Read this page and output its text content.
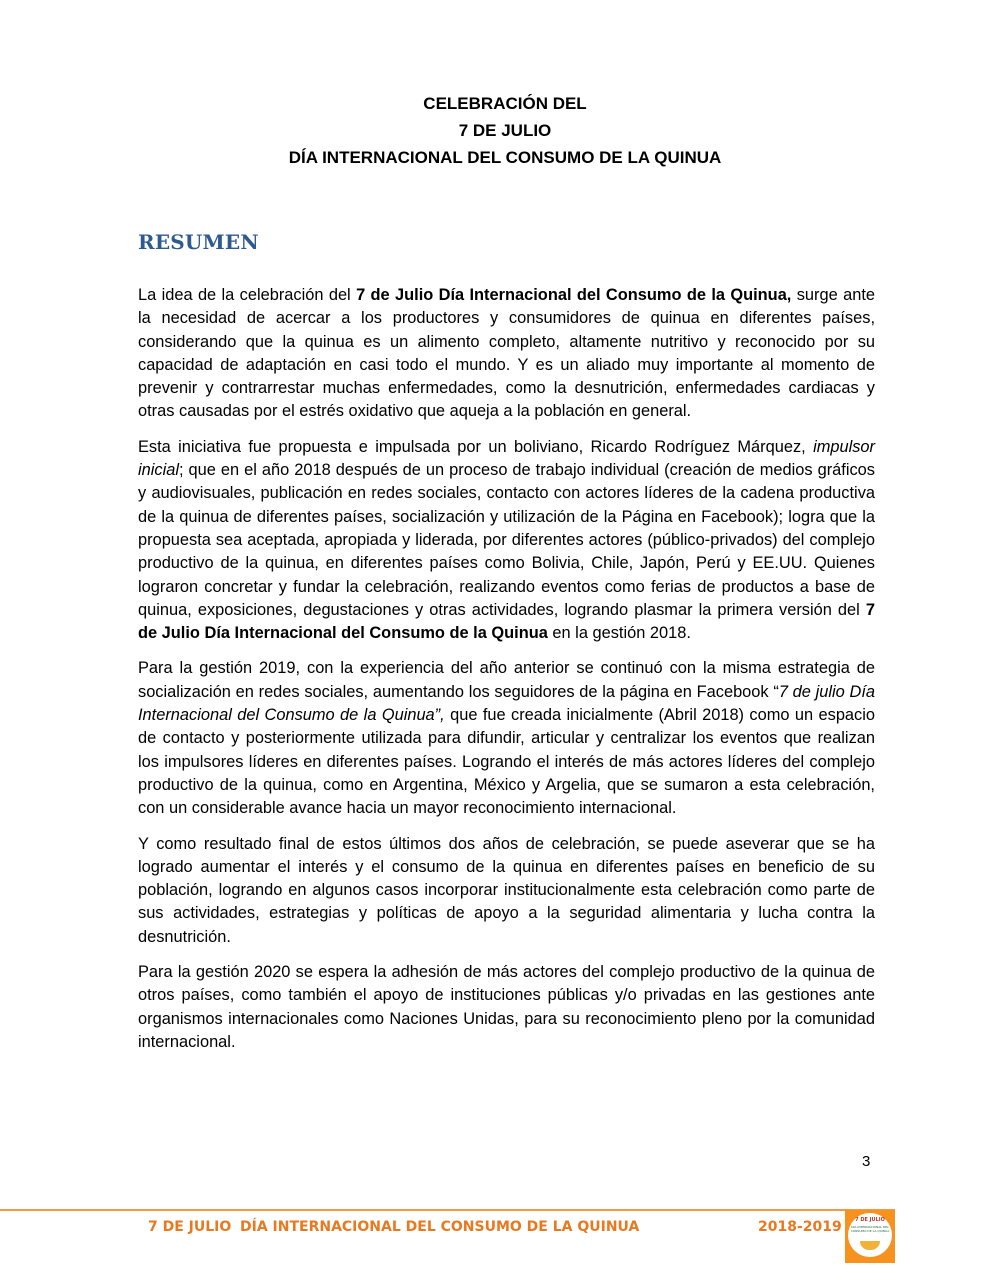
CELEBRACIÓN DEL
7 DE JULIO
DÍA INTERNACIONAL DEL CONSUMO DE LA QUINUA
RESUMEN

La idea de la celebración del 7 de Julio Día Internacional del Consumo de la Quinua, surge ante la necesidad de acercar a los productores y consumidores de quinua en diferentes países, considerando que la quinua es un alimento completo, altamente nutritivo y reconocido por su capacidad de adaptación en casi todo el mundo. Y es un aliado muy importante al momento de prevenir y contrarrestar muchas enfermedades, como la desnutrición, enfermedades cardiacas y otras causadas por el estrés oxidativo que aqueja a la población en general.

Esta iniciativa fue propuesta e impulsada por un boliviano, Ricardo Rodríguez Márquez, impulsor inicial; que en el año 2018 después de un proceso de trabajo individual (creación de medios gráficos y audiovisuales, publicación en redes sociales, contacto con actores líderes de la cadena productiva de la quinua de diferentes países, socialización y utilización de la Página en Facebook); logra que la propuesta sea aceptada, apropiada y liderada, por diferentes actores (público-privados) del complejo productivo de la quinua, en diferentes países como Bolivia, Chile, Japón, Perú y EE.UU. Quienes lograron concretar y fundar la celebración, realizando eventos como ferias de productos a base de quinua, exposiciones, degustaciones y otras actividades, logrando plasmar la primera versión del 7 de Julio Día Internacional del Consumo de la Quinua en la gestión 2018.

Para la gestión 2019, con la experiencia del año anterior se continuó con la misma estrategia de socialización en redes sociales, aumentando los seguidores de la página en Facebook “7 de julio Día Internacional del Consumo de la Quinua”, que fue creada inicialmente (Abril 2018) como un espacio de contacto y posteriormente utilizada para difundir, articular y centralizar los eventos que realizan los impulsores líderes en diferentes países. Logrando el interés de más actores líderes del complejo productivo de la quinua, como en Argentina, México y Argelia, que se sumaron a esta celebración, con un considerable avance hacia un mayor reconocimiento internacional.

Y como resultado final de estos últimos dos años de celebración, se puede aseverar que se ha logrado aumentar el interés y el consumo de la quinua en diferentes países en beneficio de su población, logrando en algunos casos incorporar institucionalmente esta celebración como parte de sus actividades, estrategias y políticas de apoyo a la seguridad alimentaria y lucha contra la desnutrición.

Para la gestión 2020 se espera la adhesión de más actores del complejo productivo de la quinua de otros países, como también el apoyo de instituciones públicas y/o privadas en las gestiones ante organismos internacionales como Naciones Unidas, para su reconocimiento pleno por la comunidad internacional.

3
7 DE JULIO DÍA INTERNACIONAL DEL CONSUMO DE LA QUINUA	2018-2019	7 DE JULIO
DÍA INTERNACIONAL DEL CONSUMO DE LA QUINUA
